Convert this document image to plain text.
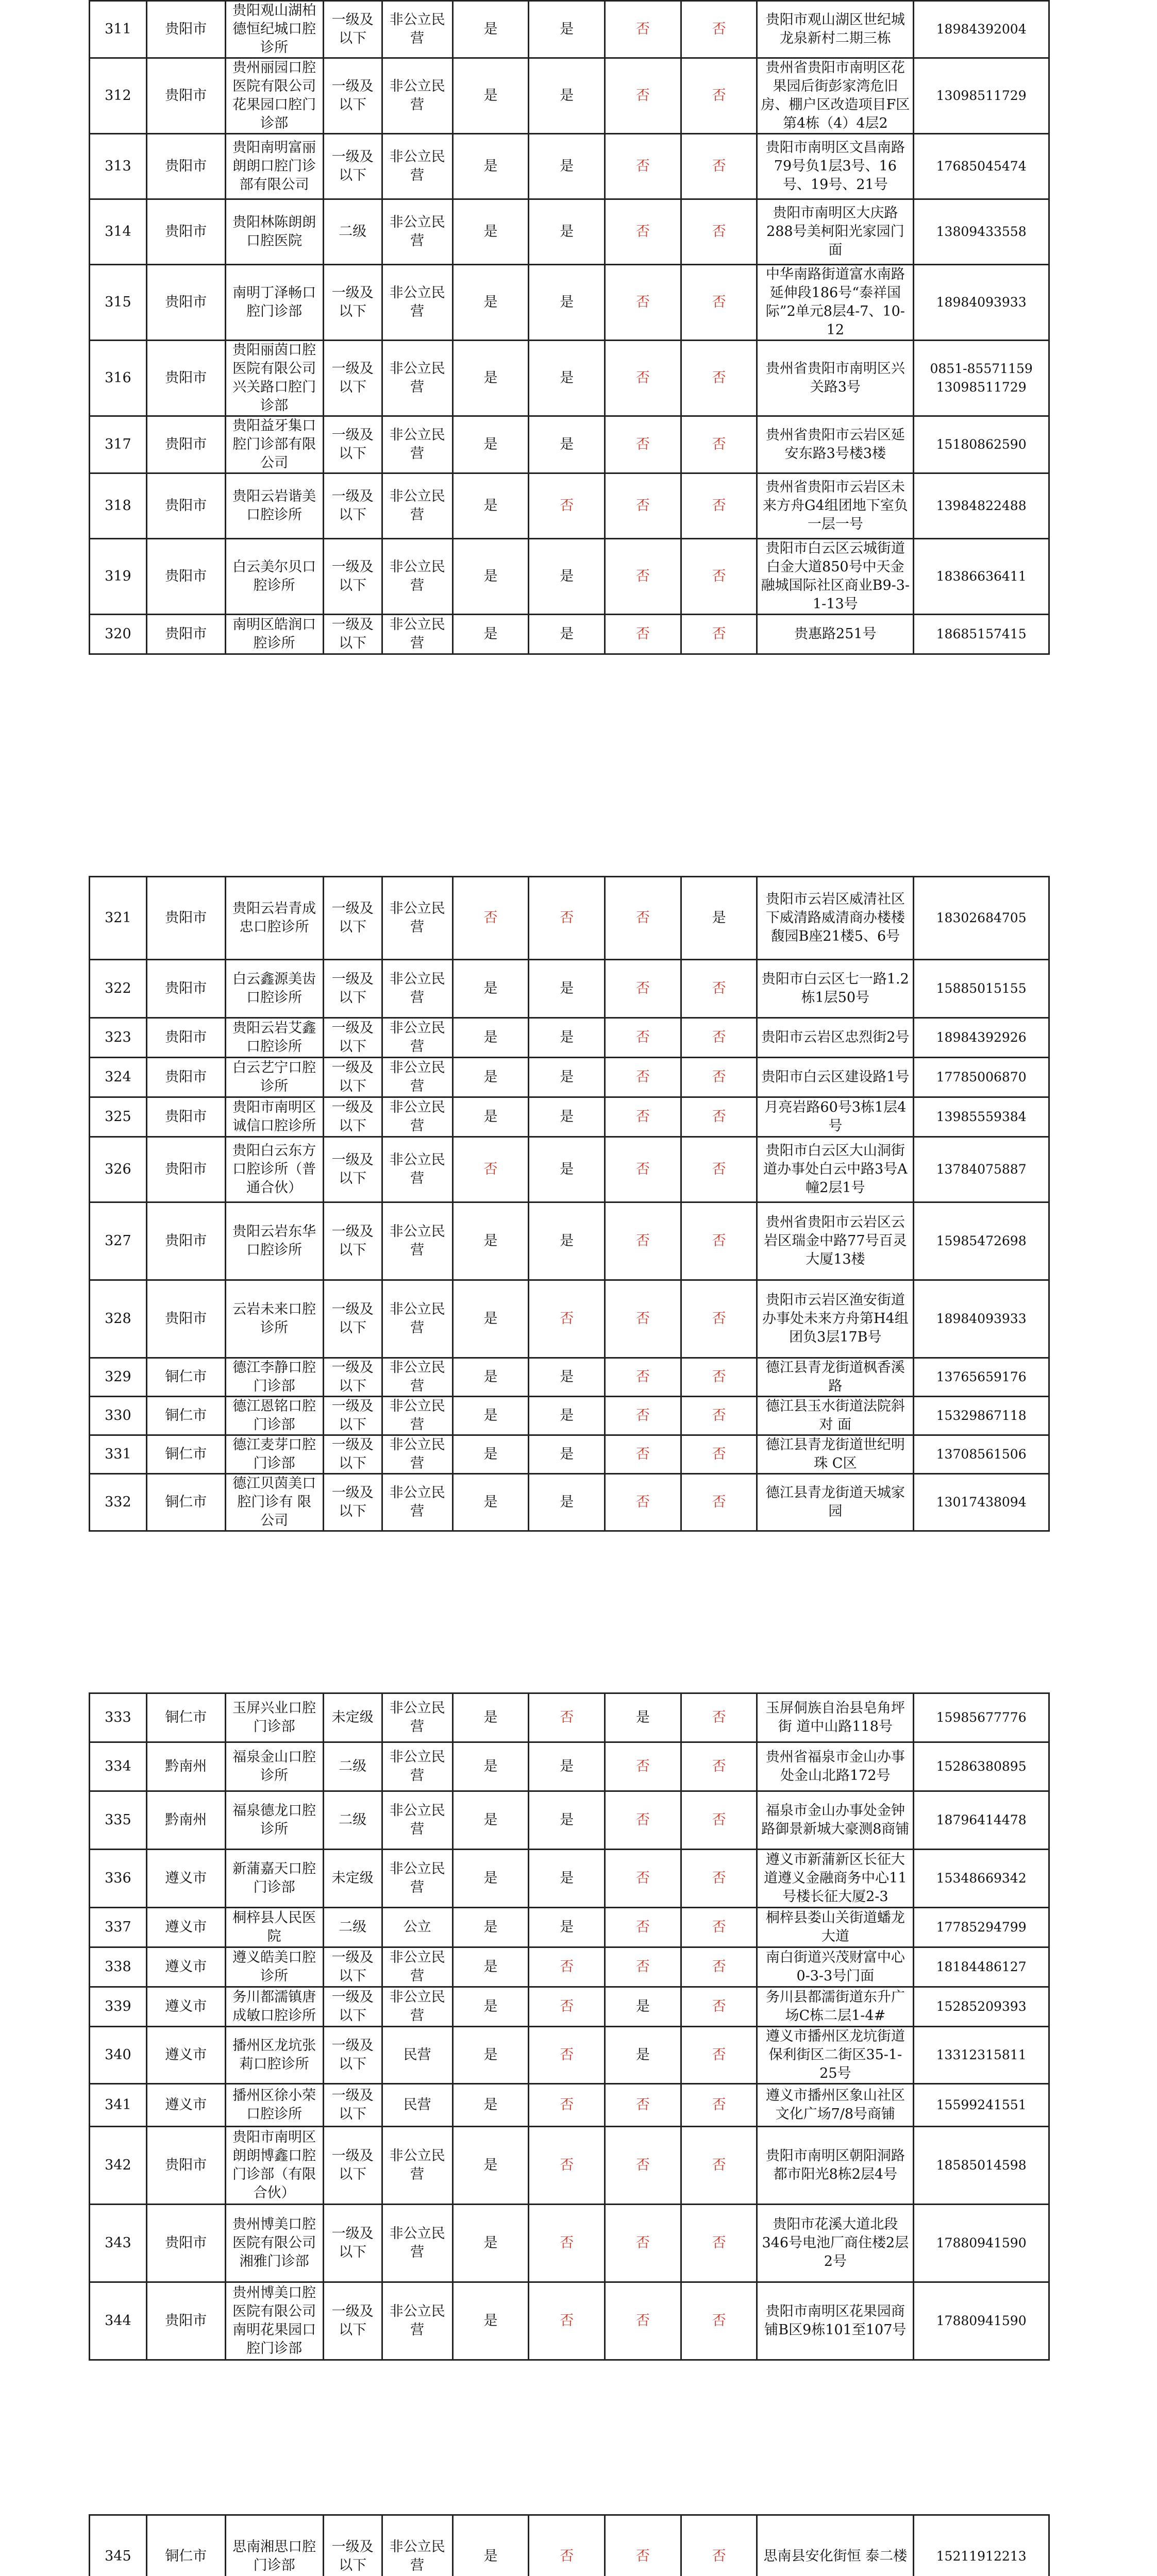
311	贵阳市	贵阳观山湖柏德恒纪城口腔诊所	一级及以下	非公立民营	是	是	否	否	贵阳市观山湖区世纪城龙泉新村二期三栋	18984392004
312	贵阳市	贵州丽园口腔医院有限公司花果园口腔门诊部	一级及以下	非公立民营	是	是	否	否	贵州省贵阳市南明区花果园后街彭家湾危旧房、棚户区改造项目F区第4栋（4）4层2	13098511729
313	贵阳市	贵阳南明富丽朗朗口腔门诊部有限公司	一级及以下	非公立民营	是	是	否	否	贵阳市南明区文昌南路79号负1层3号、16号、19号、21号	17685045474
314	贵阳市	贵阳林陈朗朗口腔医院	二级	非公立民营	是	是	否	否	贵阳市南明区大庆路288号美柯阳光家园门面	13809433558
315	贵阳市	南明丁泽畅口腔门诊部	一级及以下	非公立民营	是	是	否	否	中华南路街道富水南路延伸段186号“泰祥国际”2单元8层4-7、10-12	18984093933
316	贵阳市	贵阳丽茵口腔医院有限公司兴关路口腔门诊部	一级及以下	非公立民营	是	是	否	否	贵州省贵阳市南明区兴关路3号	0851-85571159 13098511729
317	贵阳市	贵阳益牙集口腔门诊部有限公司	一级及以下	非公立民营	是	是	否	否	贵州省贵阳市云岩区延安东路3号楼3楼	15180862590
318	贵阳市	贵阳云岩谐美口腔诊所	一级及以下	非公立民营	是	否	否	否	贵州省贵阳市云岩区未来方舟G4组团地下室负一层一号	13984822488
319	贵阳市	白云美尔贝口腔诊所	一级及以下	非公立民营	是	是	否	否	贵阳市白云区云城街道白金大道850号中天金融城国际社区商业B9-3-1-13号	18386636411
320	贵阳市	南明区皓润口腔诊所	一级及以下	非公立民营	是	是	否	否	贵惠路251号	18685157415
321	贵阳市	贵阳云岩青成忠口腔诊所	一级及以下	非公立民营	否	否	否	是	贵阳市云岩区威清社区下威清路威清商办楼楼馥园B座21楼5、6号	18302684705
322	贵阳市	白云鑫源美齿口腔诊所	一级及以下	非公立民营	是	是	否	否	贵阳市白云区七一路1.2栋1层50号	15885015155
323	贵阳市	贵阳云岩艾鑫口腔诊所	一级及以下	非公立民营	是	是	否	否	贵阳市云岩区忠烈街2号	18984392926
324	贵阳市	白云艺宁口腔诊所	一级及以下	非公立民营	是	是	否	否	贵阳市白云区建设路1号	17785006870
325	贵阳市	贵阳市南明区诚信口腔诊所	一级及以下	非公立民营	是	是	否	否	月亮岩路60号3栋1层4号	13985559384
326	贵阳市	贵阳白云东方口腔诊所（普通合伙）	一级及以下	非公立民营	否	是	否	否	贵阳市白云区大山洞街道办事处白云中路3号A幢2层1号	13784075887
327	贵阳市	贵阳云岩东华口腔诊所	一级及以下	非公立民营	是	是	否	否	贵州省贵阳市云岩区云岩区瑞金中路77号百灵大厦13楼	15985472698
328	贵阳市	云岩未来口腔诊所	一级及以下	非公立民营	是	否	否	否	贵阳市云岩区渔安街道办事处未来方舟第H4组团负3层17B号	18984093933
329	铜仁市	德江李静口腔门诊部	一级及以下	非公立民营	是	是	否	否	德江县青龙街道枫香溪路	13765659176
330	铜仁市	德江恩铭口腔门诊部	一级及以下	非公立民营	是	是	否	否	德江县玉水街道法院斜对 面	15329867118
331	铜仁市	德江麦芽口腔门诊部	一级及以下	非公立民营	是	是	否	否	德江县青龙街道世纪明珠 C区	13708561506
332	铜仁市	德江贝茵美口腔门诊有 限 公司	一级及以下	非公立民营	是	是	否	否	德江县青龙街道天城家园	13017438094
333	铜仁市	玉屏兴业口腔门诊部	未定级	非公立民营	是	否	是	否	玉屏侗族自治县皂角坪街 道中山路118号	15985677776
334	黔南州	福泉金山口腔诊所	二级	非公立民营	是	是	否	否	贵州省福泉市金山办事处金山北路172号	15286380895
335	黔南州	福泉德龙口腔诊所	二级	非公立民营	是	是	否	否	福泉市金山办事处金钟路御景新城大豪测8商铺	18796414478
336	遵义市	新蒲嘉天口腔门诊部	未定级	非公立民营	是	是	否	否	遵义市新蒲新区长征大道遵义金融商务中心11号楼长征大厦2-3	15348669342
337	遵义市	桐梓县人民医院	二级	公立	是	是	否	否	桐梓县娄山关街道蟠龙大道	17785294799
338	遵义市	遵义皓美口腔诊所	一级及以下	非公立民营	是	否	否	否	南白街道兴茂财富中心0-3-3号门面	18184486127
339	遵义市	务川都濡镇唐成敏口腔诊所	一级及以下	非公立民营	是	否	是	否	务川县都濡街道东升广场C栋二层1-4#	15285209393
340	遵义市	播州区龙坑张莉口腔诊所	一级及以下	民营	是	否	是	否	遵义市播州区龙坑街道保利街区二街区35-1-25号	13312315811
341	遵义市	播州区徐小荣口腔诊所	一级及以下	民营	是	否	否	否	遵义市播州区象山社区文化广场7/8号商铺	15599241551
342	贵阳市	贵阳市南明区朗朗博鑫口腔门诊部（有限合伙）	一级及以下	非公立民营	是	否	否	否	贵阳市南明区朝阳洞路都市阳光8栋2层4号	18585014598
343	贵阳市	贵州博美口腔医院有限公司湘雅门诊部	一级及以下	非公立民营	是	否	否	否	贵阳市花溪大道北段346号电池厂商住楼2层2号	17880941590
344	贵阳市	贵州博美口腔医院有限公司南明花果园口腔门诊部	一级及以下	非公立民营	是	否	否	否	贵阳市南明区花果园商铺B区9栋101至107号	17880941590
345	铜仁市	思南湘思口腔门诊部	一级及以下	非公立民营	是	否	否	否	思南县安化街恒 泰二楼	15211912213
